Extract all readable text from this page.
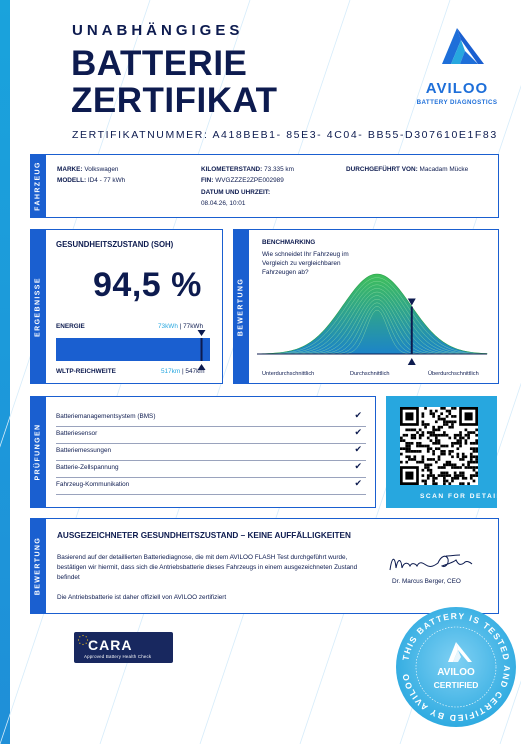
UNABHÄNGIGES
BATTERIE
ZERTIFIKAT
ZERTIFIKATNUMMER: A418BEB1- 85E3- 4C04- BB55-D307610E1F83
AVILOO
BATTERY DIAGNOSTICS
FAHRZEUG MARKE: Volkswagen
MODELL: ID4 - 77 kWh
KILOMETERSTAND: 73.335 km
FIN: WVGZZZE2ZPE002989
DATUM UND UHRZEIT:
08.04.26, 10:01
DURCHGEFÜHRT VON: Macadam Mücke
ERGEBNISSE
GESUNDHEITSZUSTAND (SOH)
94,5 %
ENERGIE	73kWh | 77kWh
WLTP-REICHWEITE	517km | 547km
BEWERTUNG
BENCHMARKING
Wie schneidet Ihr Fahrzeug im Vergleich zu vergleichbaren Fahrzeugen ab?
Unterdurchschnittlich	Durchschnittlich	Überdurchschnittlich
PRÜFUNGEN
Batteriemanagementsystem (BMS)	✔
Batteriesensor	✔
Batteriemessungen	✔
Batterie-Zellspannung	✔
Fahrzeug-Kommunikation	✔
SCAN FOR DETAILS
BEWERTUNG
AUSGEZEICHNETER GESUNDHEITSZUSTAND – KEINE AUFFÄLLIGKEITEN
Basierend auf der detaillierten Batteriediagnose, die mit dem AVILOO FLASH Test durchgeführt wurde, bestätigen wir hiermit, dass sich die Antriebsbatterie dieses Fahrzeugs in einem ausgezeichneten Zustand befindet
Die Antriebsbatterie ist daher offiziell von AVILOO zertifiziert
Dr. Marcus Berger, CEO
CARA
Approved Battery Health Check	THIS BATTERY IS TESTED AND CERTIFIED BY AVILOO	AVILOO
CERTIFIED
